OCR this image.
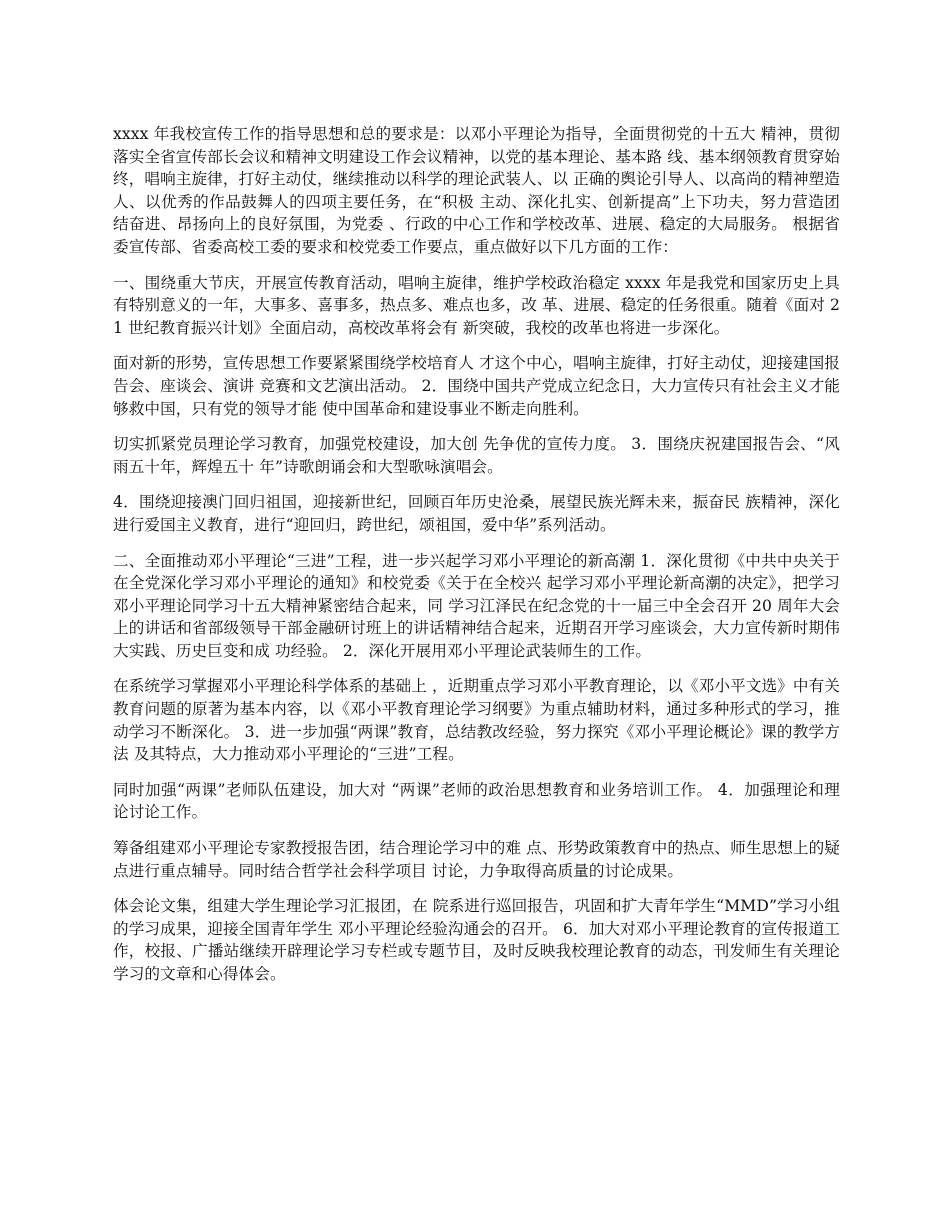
xxxx 年我校宣传工作的指导思想和总的要求是：以邓小平理论为指导，全面贯彻党的十五大 精神，贯彻落实全省宣传部长会议和精神文明建设工作会议精神，以党的基本理论、基本路 线、基本纲领教育贯穿始终，唱响主旋律，打好主动仗，继续推动以科学的理论武装人、以 正确的舆论引导人、以高尚的精神塑造人、以优秀的作品鼓舞人的四项主要任务，在“积极 主动、深化扎实、创新提高”上下功夫，努力营造团结奋进、昂扬向上的良好氛围，为党委 、行政的中心工作和学校改革、进展、稳定的大局服务。 根据省委宣传部、省委高校工委的要求和校党委工作要点，重点做好以下几方面的工作：

一、围绕重大节庆，开展宣传教育活动，唱响主旋律，维护学校政治稳定 xxxx 年是我党和国家历史上具有特别意义的一年，大事多、喜事多，热点多、难点也多，改 革、进展、稳定的任务很重。随着《面对 21 世纪教育振兴计划》全面启动，高校改革将会有 新突破，我校的改革也将进一步深化。

面对新的形势，宣传思想工作要紧紧围绕学校培育人 才这个中心，唱响主旋律，打好主动仗，迎接建国报告会、座谈会、演讲 竞赛和文艺演出活动。 2．围绕中国共产党成立纪念日，大力宣传只有社会主义才能够救中国，只有党的领导才能 使中国革命和建设事业不断走向胜利。

切实抓紧党员理论学习教育，加强党校建设，加大创 先争优的宣传力度。 3．围绕庆祝建国报告会、“风雨五十年，辉煌五十 年”诗歌朗诵会和大型歌咏演唱会。

4．围绕迎接澳门回归祖国，迎接新世纪，回顾百年历史沧桑，展望民族光辉未来，振奋民 族精神，深化进行爱国主义教育，进行“迎回归，跨世纪，颂祖国，爱中华”系列活动。

二、全面推动邓小平理论“三进”工程，进一步兴起学习邓小平理论的新高潮 1．深化贯彻《中共中央关于在全党深化学习邓小平理论的通知》和校党委《关于在全校兴 起学习邓小平理论新高潮的决定》，把学习邓小平理论同学习十五大精神紧密结合起来，同 学习江泽民在纪念党的十一届三中全会召开 20 周年大会上的讲话和省部级领导干部金融研讨班上的讲话精神结合起来，近期召开学习座谈会，大力宣传新时期伟大实践、历史巨变和成 功经验。 2．深化开展用邓小平理论武装师生的工作。

在系统学习掌握邓小平理论科学体系的基础上 ，近期重点学习邓小平教育理论，以《邓小平文选》中有关教育问题的原著为基本内容，以《邓小平教育理论学习纲要》为重点辅助材料，通过多种形式的学习，推动学习不断深化。 3．进一步加强“两课”教育，总结教改经验，努力探究《邓小平理论概论》课的教学方法 及其特点，大力推动邓小平理论的“三进”工程。

同时加强“两课”老师队伍建设，加大对 “两课”老师的政治思想教育和业务培训工作。 4．加强理论和理论讨论工作。

筹备组建邓小平理论专家教授报告团，结合理论学习中的难 点、形势政策教育中的热点、师生思想上的疑点进行重点辅导。同时结合哲学社会科学项目 讨论，力争取得高质量的讨论成果。

体会论文集，组建大学生理论学习汇报团，在 院系进行巡回报告，巩固和扩大青年学生“MMD”学习小组的学习成果，迎接全国青年学生 邓小平理论经验沟通会的召开。 6．加大对邓小平理论教育的宣传报道工作，校报、广播站继续开辟理论学习专栏或专题节目，及时反映我校理论教育的动态，刊发师生有关理论学习的文章和心得体会。
